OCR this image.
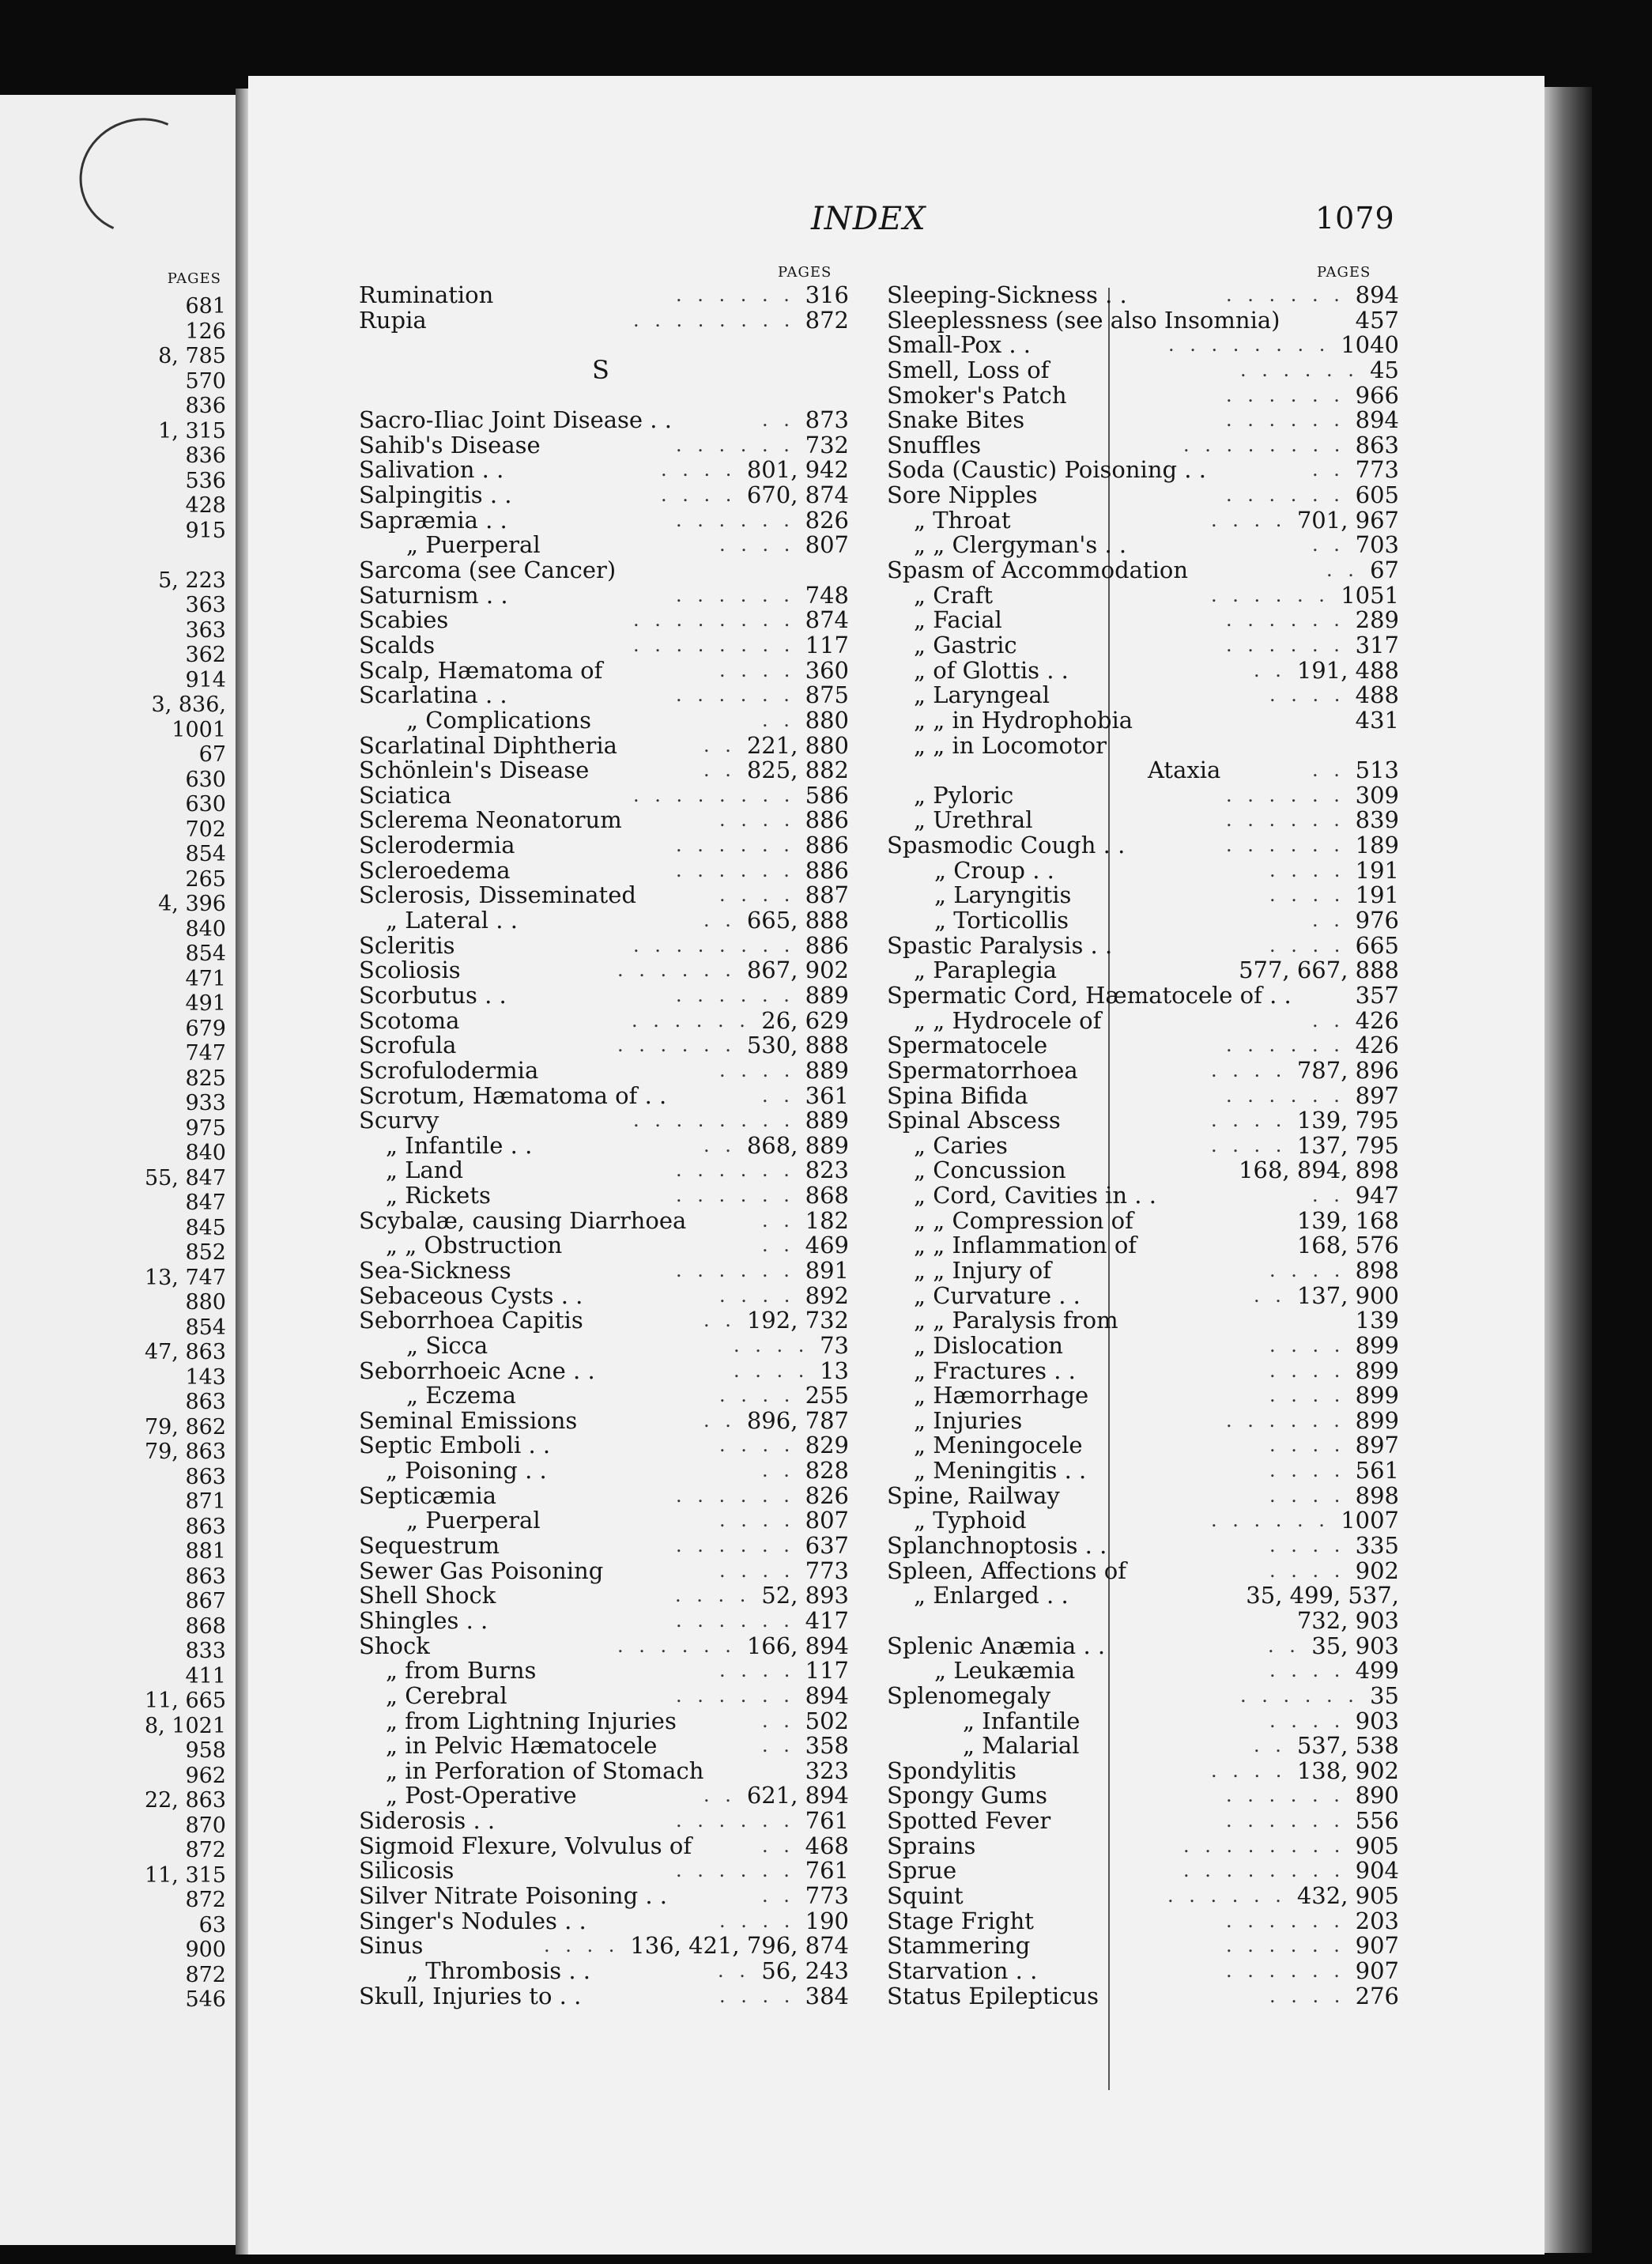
PAGES
681
126
8, 785
570
836
1, 315
836
536
428
915
5, 223
363
363
362
914
3, 836,
1001
67
630
630
702
854
265
4, 396
840
854
471
491
679
747
825
933
975
840
55, 847
847
845
852
13, 747
880
854
47, 863
143
863
79, 862
79, 863
863
871
863
881
863
867
868
833
411
11, 665
8, 1021
958
962
22, 863
870
872
11, 315
872
63
900
872
546
INDEX	1079
PAGES	PAGES
Rumination	. . . . . . 316
Rupia	. . . . . . . . 872
S
Sacro-Iliac Joint Disease . .	. . 873
Sahib's Disease	. . . . . . 732
Salivation . .	. . . . 801, 942
Salpingitis . .	. . . . 670, 874
Sapræmia . .	. . . . . . 826
„ Puerperal	. . . . 807
Sarcoma (see Cancer)
Saturnism . .	. . . . . . 748
Scabies	. . . . . . . . 874
Scalds	. . . . . . . . 117
Scalp, Hæmatoma of	. . . . 360
Scarlatina . .	. . . . . . 875
„ Complications	. . 880
Scarlatinal Diphtheria	. . 221, 880
Schönlein's Disease	. . 825, 882
Sciatica	. . . . . . . . 586
Sclerema Neonatorum	. . . . 886
Sclerodermia	. . . . . . 886
Scleroedema	. . . . . . 886
Sclerosis, Disseminated	. . . . 887
„ Lateral . .	. . 665, 888
Scleritis	. . . . . . . . 886
Scoliosis	. . . . . . 867, 902
Scorbutus . .	. . . . . . 889
Scotoma	. . . . . . 26, 629
Scrofula	. . . . . . 530, 888
Scrofulodermia	. . . . 889
Scrotum, Hæmatoma of . .	. . 361
Scurvy	. . . . . . . . 889
„ Infantile . .	. . 868, 889
„ Land	. . . . . . 823
„ Rickets	. . . . . . 868
Scybalæ, causing Diarrhoea	. . 182
„ „ Obstruction	. . 469
Sea-Sickness	. . . . . . 891
Sebaceous Cysts . .	. . . . 892
Seborrhoea Capitis	. . 192, 732
„ Sicca	. . . . 73
Seborrhoeic Acne . .	. . . . 13
„ Eczema	. . . . 255
Seminal Emissions	. . 896, 787
Septic Emboli . .	. . . . 829
„ Poisoning . .	. . 828
Septicæmia	. . . . . . 826
„ Puerperal	. . . . 807
Sequestrum	. . . . . . 637
Sewer Gas Poisoning	. . . . 773
Shell Shock	. . . . 52, 893
Shingles . .	. . . . . . 417
Shock	. . . . . . 166, 894
„ from Burns	. . . . 117
„ Cerebral	. . . . . . 894
„ from Lightning Injuries	. . 502
„ in Pelvic Hæmatocele	. . 358
„ in Perforation of Stomach	323
„ Post-Operative	. . 621, 894
Siderosis . .	. . . . . . 761
Sigmoid Flexure, Volvulus of	. . 468
Silicosis	. . . . . . 761
Silver Nitrate Poisoning . .	. . 773
Singer's Nodules . .	. . . . 190
Sinus	. . . . 136, 421, 796, 874
„ Thrombosis . .	. . 56, 243
Skull, Injuries to . .	. . . . 384
Sleeping-Sickness . .	. . . . . . 894
Sleeplessness (see also Insomnia)	457
Small-Pox . .	. . . . . . . . 1040
Smell, Loss of	. . . . . . 45
Smoker's Patch	. . . . . . 966
Snake Bites	. . . . . . 894
Snuffles	. . . . . . . . 863
Soda (Caustic) Poisoning . .	. . 773
Sore Nipples	. . . . . . 605
„ Throat	. . . . 701, 967
„ „ Clergyman's . .	. . 703
Spasm of Accommodation	. . 67
„ Craft	. . . . . . 1051
„ Facial	. . . . . . 289
„ Gastric	. . . . . . 317
„ of Glottis . .	. . 191, 488
„ Laryngeal	. . . . 488
„ „ in Hydrophobia	431
„ „ in Locomotor
Ataxia	. . 513
„ Pyloric	. . . . . . 309
„ Urethral	. . . . . . 839
Spasmodic Cough . .	. . . . . . 189
„ Croup . .	. . . . 191
„ Laryngitis	. . . . 191
„ Torticollis	. . 976
Spastic Paralysis . .	. . . . 665
„ Paraplegia	577, 667, 888
Spermatic Cord, Hæmatocele of . .	357
„ „ Hydrocele of	. . 426
Spermatocele	. . . . . . 426
Spermatorrhoea	. . . . 787, 896
Spina Bifida	. . . . . . 897
Spinal Abscess	. . . . 139, 795
„ Caries	. . . . 137, 795
„ Concussion	168, 894, 898
„ Cord, Cavities in . .	. . 947
„ „ Compression of	139, 168
„ „ Inflammation of	168, 576
„ „ Injury of	. . . . 898
„ Curvature . .	. . 137, 900
„ „ Paralysis from	139
„ Dislocation	. . . . 899
„ Fractures . .	. . . . 899
„ Hæmorrhage	. . . . 899
„ Injuries	. . . . . . 899
„ Meningocele	. . . . 897
„ Meningitis . .	. . . . 561
Spine, Railway	. . . . 898
„ Typhoid	. . . . . . 1007
Splanchnoptosis . .	. . . . 335
Spleen, Affections of	. . . . 902
„ Enlarged . .	35, 499, 537,
732, 903
Splenic Anæmia . .	. . 35, 903
„ Leukæmia	. . . . 499
Splenomegaly	. . . . . . 35
„ Infantile	. . . . 903
„ Malarial	. . 537, 538
Spondylitis	. . . . 138, 902
Spongy Gums	. . . . . . 890
Spotted Fever	. . . . . . 556
Sprains	. . . . . . . . 905
Sprue	. . . . . . . . 904
Squint	. . . . . . 432, 905
Stage Fright	. . . . . . 203
Stammering	. . . . . . 907
Starvation . .	. . . . . . 907
Status Epilepticus	. . . . 276
